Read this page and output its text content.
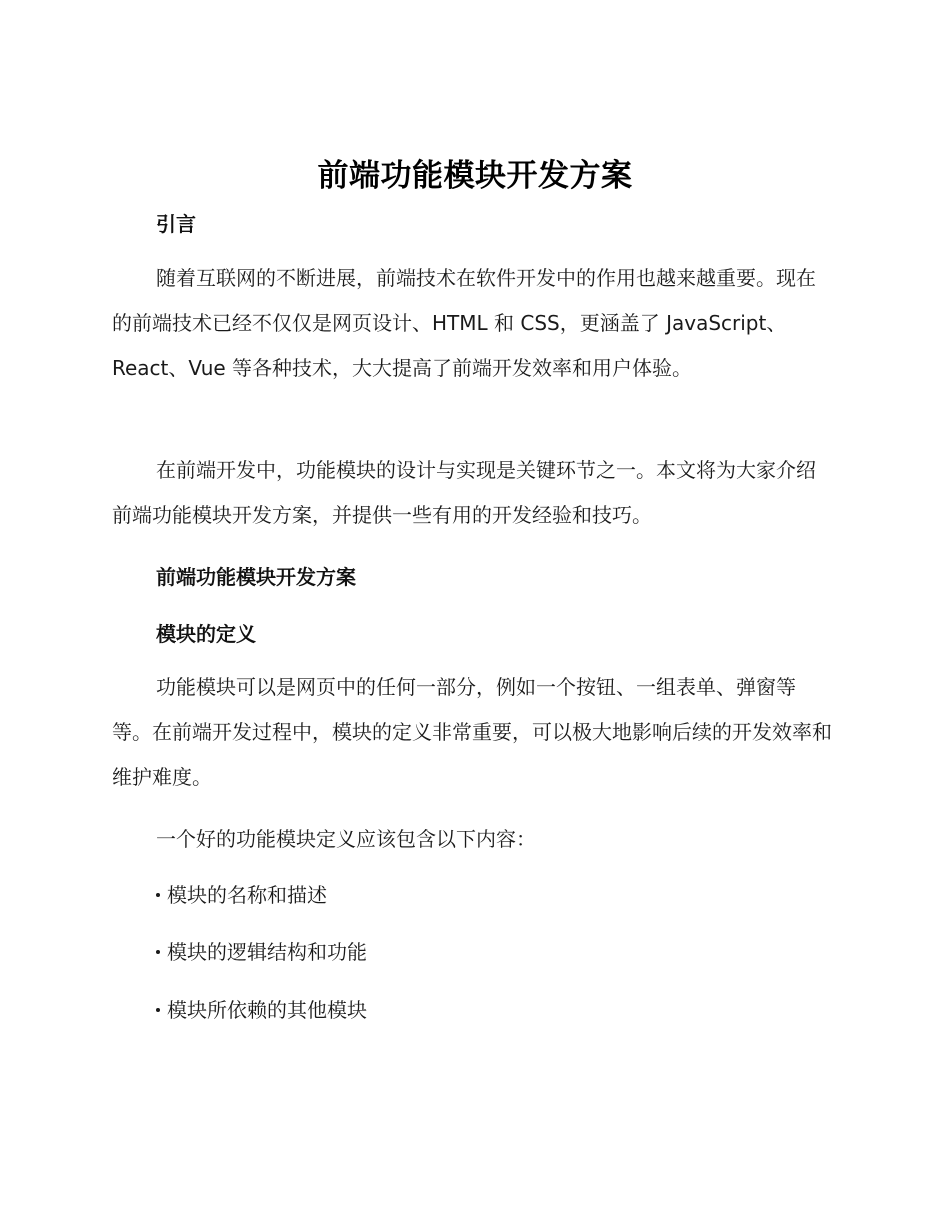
前端功能模块开发方案
引言

随着互联网的不断进展，前端技术在软件开发中的作用也越来越重要。现在的前端技术已经不仅仅是网页设计、HTML 和 CSS，更涵盖了 JavaScript、React、Vue 等各种技术，大大提高了前端开发效率和用户体验。

在前端开发中，功能模块的设计与实现是关键环节之一。本文将为大家介绍前端功能模块开发方案，并提供一些有用的开发经验和技巧。

前端功能模块开发方案
模块的定义

功能模块可以是网页中的任何一部分，例如一个按钮、一组表单、弹窗等等。在前端开发过程中，模块的定义非常重要，可以极大地影响后续的开发效率和维护难度。

一个好的功能模块定义应该包含以下内容：
模块的名称和描述
模块的逻辑结构和功能
模块所依赖的其他模块
